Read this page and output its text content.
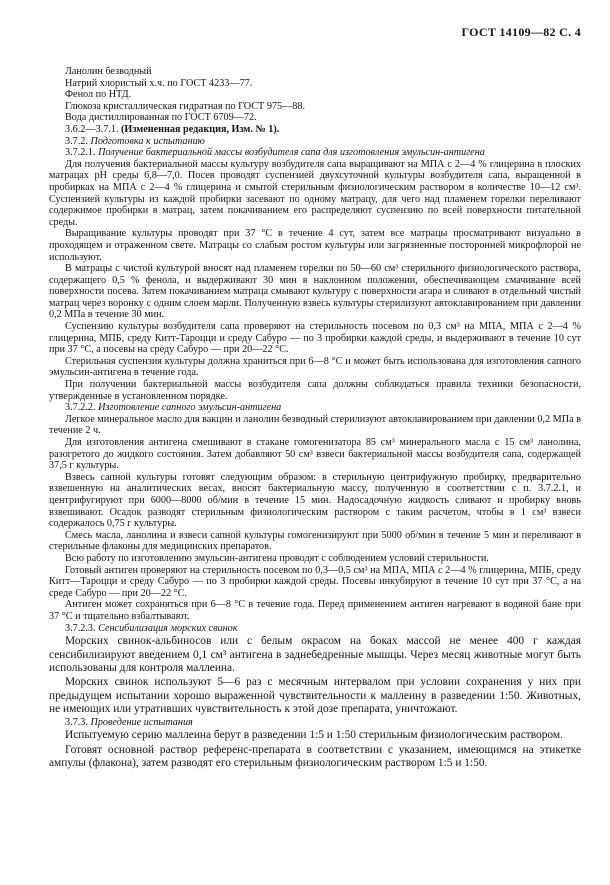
ГОСТ 14109—82 С. 4
Ланолин безводный
Натрий хлористый х.ч. по ГОСТ 4233—77.
Фенол по НТД.
Глюкоза кристаллическая гидратная по ГОСТ 975—88.
Вода дистиллированная по ГОСТ 6709—72.
3.6.2—3.7.1. (Измененная редакция, Изм. № 1).
3.7.2. Подготовка к испытанию
3.7.2.1. Получение бактериальной массы возбудителя сапа для изготовления эмульсин-антигена

Для получения бактериальной массы культуру возбудителя сапа выращивают на МПА с 2—4 % глицерина в плоских матрацах рН среды 6,8—7,0. Посев проводят суспензией двухсуточной культуры возбудителя сапа, выращенной в пробирках на МПА с 2—4 % глицерина и смытой стерильным физиологическим раствором в количестве 10—12 см³. Суспензией культуры из каждой пробирки засевают по одному матрацу, для чего над пламенем горелки переливают содержимое пробирки в матрац, затем покачиванием его распределяют суспензию по всей поверхности питательной среды.

Выращивание культуры проводят при 37 °С в течение 4 сут, затем все матрацы просматривают визуально в проходящем и отраженном свете. Матрацы со слабым ростом культуры или загрязненные посторонней микрофлорой не используют.

В матрацы с чистой культурой вносят над пламенем горелки по 50—60 см³ стерильного физиологического раствора, содержащего 0,5 % фенола, и выдерживают 30 мин в наклонном положении, обеспечивающем смачивание всей поверхности посева. Затем покачиванием матраца смывают культуру с поверхности агара и сливают в отдельный чистый матрац через воронку с одним слоем марли. Полученную взвесь культуры стерилизуют автоклавированием при давлении 0,2 МПа в течение 30 мин.

Суспензию культуры возбудителя сапа проверяют на стерильность посевом по 0,3 см³ на МПА, МПА с 2—4 % глицерина, МПБ, среду Китт-Тароцци и среду Сабуро — по 3 пробирки каждой среды, и выдерживают в течение 10 сут при 37 °С, а посевы на среду Сабуро — при 20—22 °С.

Стерильная суспензия культуры должна храниться при 6—8 °С и может быть использована для изготовления сапного эмульсин-антигена в течение года.

При получении бактериальной массы возбудителя сапа должны соблюдаться правила техники безопасности, утвержденные в установленном порядке.

3.7.2.2. Изготовление сапного эмульсин-антигена

Легкое минеральное масло для вакцин и ланолин безводный стерилизуют автоклавированием при давлении 0,2 МПа в течение 2 ч.

Для изготовления антигена смешивают в стакане гомогенизатора 85 см³ минерального масла с 15 см³ ланолина, разогретого до жидкого состояния. Затем добавляют 50 см³ взвеси бактериальной массы возбудителя сапа, содержащей 37,5 г культуры.

Взвесь сапной культуры готовят следующим образом: в стерильную центрифужную пробирку, предварительно взвешенную на аналитических весах, вносят бактериальную массу, полученную в соответствии с п. 3.7.2.1, и центрифугируют при 6000—8000 об/мин в течение 15 мин. Надосадочную жидкость сливают и пробирку вновь взвешивают. Осадок разводят стерильным физиологическим раствором с таким расчетом, чтобы в 1 см³ взвеси содержалось 0,75 г культуры.

Смесь масла, ланолина и взвеси сапной культуры гомогенизируют при 5000 об/мин в течение 5 мин и переливают в стерильные флаконы для медицинских препаратов.

Всю работу по изготовлению эмульсин-антигена проводят с соблюдением условий стерильности.

Готовый антиген проверяют на стерильность посевом по 0,3—0,5 см³ на МПА, МПА с 2—4 % глицерина, МПБ, среду Китт—Тароцци и среду Сабуро — по 3 пробирки каждой среды. Посевы инкубируют в течение 10 сут при 37 °С, а на среде Сабуро — при 20—22 °С.

Антиген может сохраняться при 6—8 °С в течение года. Перед применением антиген нагревают в водяной бане при 37 °С и тщательно взбалтывают.

3.7.2.3. Сенсибилизация морских свинок

Морских свинок-альбиносов или с белым окрасом на боках массой не менее 400 г каждая сенсибилизируют введением 0,1 см³ антигена в заднебедренные мышцы. Через месяц животные могут быть использованы для контроля маллеина.

Морских свинок используют 5—6 раз с месячным интервалом при условии сохранения у них при предыдущем испытании хорошо выраженной чувствительности к маллеину в разведении 1:50. Животных, не имеющих или утративших чувствительность к этой дозе препарата, уничтожают.

3.7.3. Проведение испытания

Испытуемую серию маллеина берут в разведении 1:5 и 1:50 стерильным физиологическим раствором.

Готовят основной раствор референс-препарата в соответствии с указанием, имеющимся на этикетке ампулы (флакона), затем разводят его стерильным физиологическим раствором 1:5 и 1:50.
